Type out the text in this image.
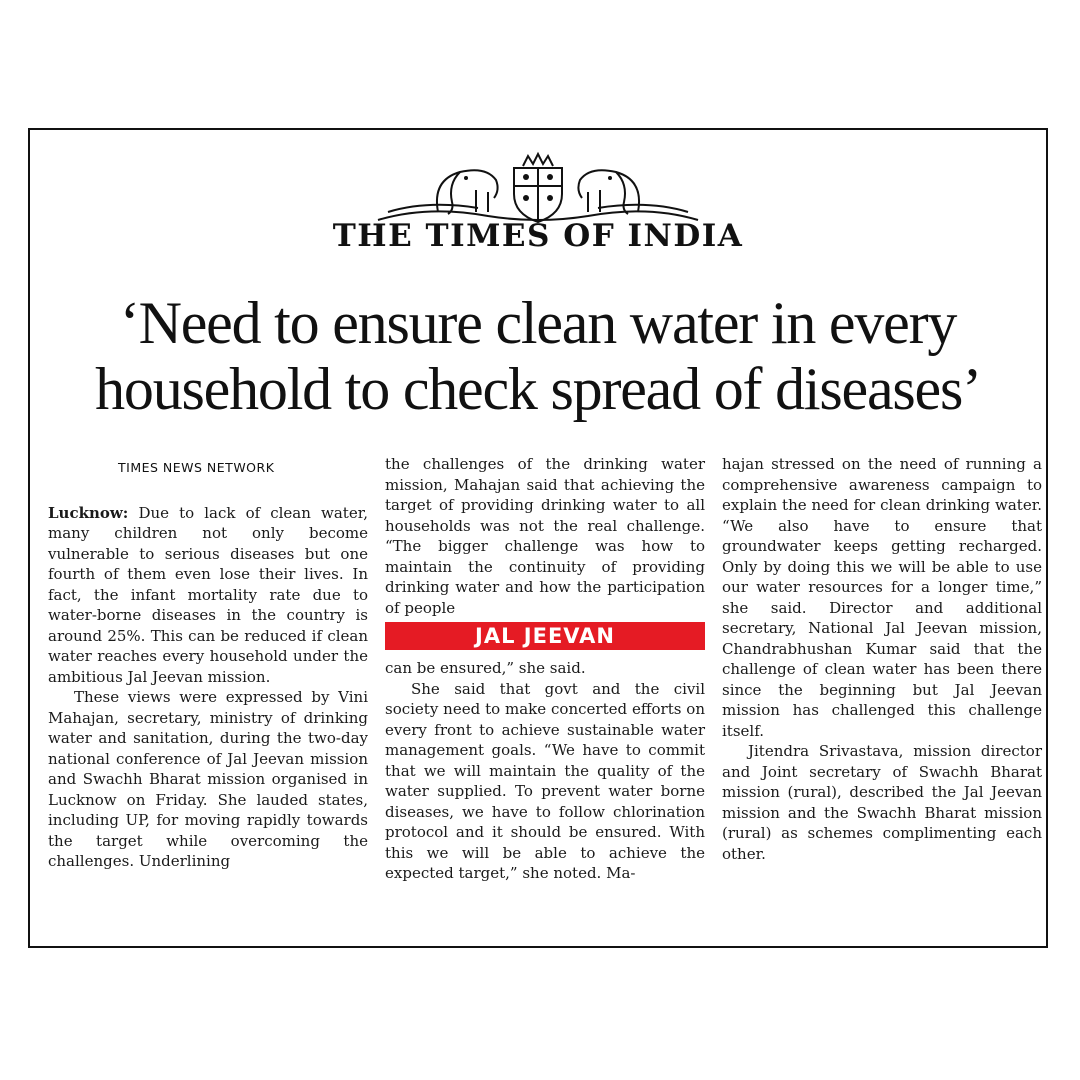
THE TIMES OF INDIA
‘Need to ensure clean water in every
household to check spread of diseases’
TIMES NEWS NETWORK

Lucknow: Due to lack of clean water, many children not only become vulnerable to serious diseases but one fourth of them even lose their lives. In fact, the infant mortality rate due to water-borne diseases in the country is around 25%. This can be reduced if clean water reaches every household under the ambitious Jal Jeevan mission.

These views were expressed by Vini Mahajan, secretary, ministry of drinking water and sanitation, during the two-day national conference of Jal Jeevan mission and Swachh Bharat mission organised in Lucknow on Friday. She lauded states, including UP, for moving rapidly towards the target while overcoming the challenges. Underlining

the challenges of the drinking water mission, Mahajan said that achieving the target of providing drinking water to all households was not the real challenge. “The bigger challenge was how to maintain the continuity of providing drinking water and how the participation of people

JAL JEEVAN

can be ensured,” she said.

She said that govt and the civil society need to make concerted efforts on every front to achieve sustainable water management goals. “We have to commit that we will maintain the quality of the water supplied. To prevent water borne diseases, we have to follow chlorination protocol and it should be ensured. With this we will be able to achieve the expected target,” she noted. Ma-

hajan stressed on the need of running a comprehensive awareness campaign to explain the need for clean drinking water. “We also have to ensure that groundwater keeps getting recharged. Only by doing this we will be able to use our water resources for a longer time,” she said. Director and additional secretary, National Jal Jeevan mission, Chandrabhushan Kumar said that the challenge of clean water has been there since the beginning but Jal Jeevan mission has challenged this challenge itself.

Jitendra Srivastava, mission director and Joint secretary of Swachh Bharat mission (rural), described the Jal Jeevan mission and the Swachh Bharat mission (rural) as schemes complimenting each other.
